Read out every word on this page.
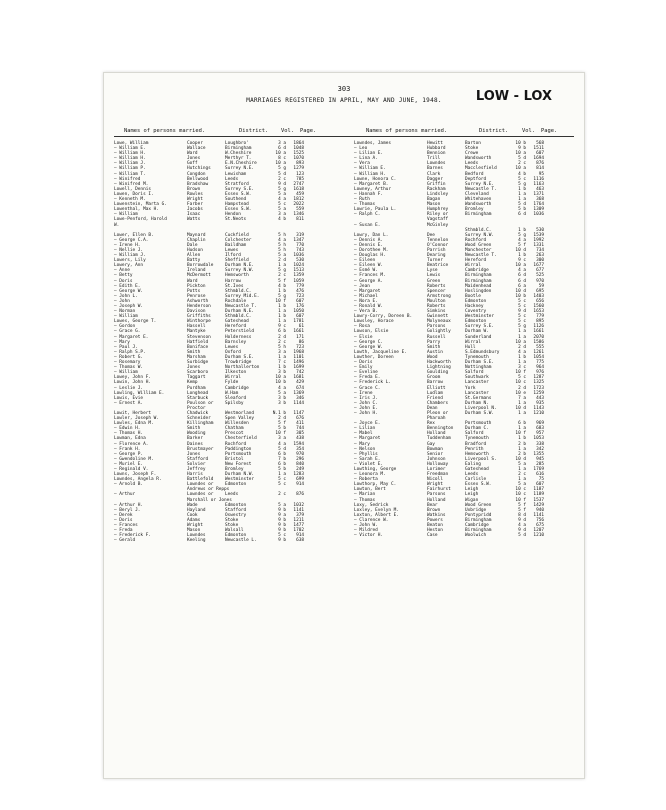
303
MARRIAGES REGISTERED IN APRIL, MAY AND JUNE, 1948.	LOW - LOX
Names of persons married.	District. Vol. Page.	Names of persons married.	District.	Vol. Page.
Lowe, William	Cooper	Loughbro'	3 a 1864
— William E.	Wallace	Birmingham	6 d 1048
— William H.	Ward	W.Cheshire	10 a 1525
— William H.	Jones	Merthyr T.	8 c 1070
— William J.	Goff	E.N.Cheshire	10 a 893
— William P.	Hutchings	Surrey N.E.	5 g 1279
— William T.	Congdon	Lewisham	5 d 123
— Winifred	Bellwood	Leeds	2 c 785
— Winifred M.	Bradshaw	Stratford	9 d 2747
Lowell, Dennis	Brown	Surrey S.E.	5 g 1618
Lowen, Doris I.	Rowles	Essex S.W.	5 a 459
— Kenneth M.	Wright	Southend	4 a 1812
Lowenstein, Marta G.	Farber	Hampstead	5 c 2022
Lowenthal, Max H.	Jacobs	Essex S.W.	5 a 559
— William	Isaac	Hendon	3 a 1346
Lowe-Penford, Harold	Watts	St.Neots	4 b 811
W.
Lower, Ellen B.	Maynard	Cuckfield	5 h 319
— George C.A.	Chaplin	Colchester	4 a 1347
— Irene H.	Dale	Baildham	5 h 770
— Nellie J.	Hudson	Lewes	5 h 743
— William J.	Allen	Ilford	5 a 1036
Lowers, Lily	Batty	Sheffield	2 d 530
Lowery, Ann	Borrowdale	Durham N.E.	1 a 1024
— Anne	Ireland	Surrey N.W.	5 g 1513
— Betty	McDermott	Hemsworth	2 c 1359
— Doris	Ward	Harrow	5 f 1059
— Edith E.	Pickton	St.Ives	4 b 779
— George W.	Potts	Sthmbld.C.	1 b 476
— John L.	Penrose	Surrey Mid.E.	5 g 723
— John	Ashworth	Rochdale	10 f 607
— Joseph W.	Henderson	Newcastle T.	1 b 176
— Norman	Davison	Durham N.E.	1 a 1050
— William	Griffiths	Sthmbld.C.	1 b 607
Lowes, George T.	Winthorpe	Gateshead	1 a 1781
— Gordon	Hassell	Hereford	9 c	61
— Grace G.	Mantyke	Peterstield	6 b 1661
— Margaret E.	Stevenson	Holderness	2 d 171
— Mary	Hatfield	Barnsley	2 c	86
— Paul J.	Boniface	Lewes	5 h 723
— Ralph S.P.	Smith	Oxford	3 a 1968
— Robert G.	Marsham	Durham S.E.	1 a 1101
— Rosemary	Surbidge	Trowbridge	7 c 1496
— Thomas W.	Jones	Northallerton	1 b 1699
— William	Scarboro	Ilkeston	3 b 742
Lowey, John F.	Taggart	Wirral	10 a 1681
Lowin, John H.	Kemp	Fylde	10 b 429
— Leslie J.	Purdham	Cambridge	4 a 674
Lowling, William E.	Longhead	W.Ham	5 a 1369
Lowis, Evie	Starbuck	Sleaford	3 b 346
— Ernest A.	Poulson or	Spilsby	3 b 1144
Proctor
Lowit, Herbert	Chadwick	Westmorland	N.1 b 1147
Lowler, Joseph W.	Schneider	Spen Valley	2 d 676
Lowles, Edna M.	Killingham	Willesden	5 f 411
— Edwin H.	Smith	Chatham	5 b 744
— Thomas H.	Wooding	Prescot	10 f 305
Lowman, Edna	Barker	Chesterfield	3 a 438
— Florence A.	Daines	Rochford	4 a 1594
— Frank H.	Brustmayer	Paddington	5 d 354
— George P.	Jones	Portsmouth	6 b 970
— Gwendoline M.	Stafford	Bristol	7 b 296
— Muriel E.	Solvier	New Forest	6 b 840
— Reginald V.	Jeffrey	Bromley	5 b 249
Lowns, Joseph F.	Harris	Durham N.W.	1 a 1283
Lowndes, Angela R.	Battlefold	Westminster	5 c 699
— Arnold B.	Lowndes or	Edmonton	5 c 914
Andrews or Repps
— Arthur	Lowndes or	Leeds	2 c 876
Marshall or Jones
— Arthur H.	Wade	Edmonton	5 a 1032
— Beryl J.	Hayland	Stafford	9 b 1141
— Derek	Cook	Oswestry	9 a 379
— Doris	Adams	Stoke	9 b 1211
— Frances	Wright	Stoke	9 b 1477
— Freda	Mason	Walsall	9 b 1702
— Frederick F.	Lowndes	Edmonton	5 c 914
— Gerald	Keeling	Newcastle L.	9 b 638
Lowndes, James	Hewitt	Barton	10 b 568
— Leo	Hubbard	Stoke	9 b 1511
— Lilian E.	Bennion	Crewe	10 a 607
— Lina A.	Trill	Wandsworth	5 d 1694
— Vera	Lowndes	Leeds	2 c 876
— William E.	Barnes	Macclesfield	10 a 814
— William H.	Clark	Bedford	4 b	95
Lowne, Honora C.	Dagger	Deptford	5 c 1116
— Margaret B.	Griffin	Surrey N.E.	5 g 1163
Lowney, Arthur	Rackham	Newcastle T.	1 b 463
— Hannah F.	Lindsley	Cleveland	1 a 1371
— Ruth	Bagan	Whitehaven	1 a 368
— Thomas	Mason	Wandsworth	5 d 1764
Lowrie, Paula L.	Humphrey	Bromley	5 b 1309
— Ralph C.	Riley or	Birmingham	6 d 1036
Vagstaff
— Susan E.	McGinley
Sthmbld.C.	1 b 530
Lowry, Dan L.	Dee	Surrey N.W.	5 g 1539
— Dennis A.	Tennelon	Rochford	4 a 1992
— Dennis E.	O'Connor	Wood Green	5 f 1331
— Dorothee M.	Parrish	Manchester	10 d 734
— Douglas H.	Dearing	Newcastle T.	1 b 263
— Eileen	Turner	Hereford	9 c 300
— Eileen W.	Beatrice	Wirral	10 a 1677
— Esmé W.	Lyse	Cambridge	4 a 677
— Frances M.	Lewis	Birmingham	6 d 525
— George A.	Green	Birmingham	6 d 970
— Jean	Roberts	Maidenhead	6 a	59
— Margaret	Spencer	Hoslingden	10 d 695
— Michael	Armstrong	Bootle	10 b 1403
— Nora E.	Moulton	Edmonton	5 c 656
— Ronald W.	Roberts	Hackney	5 c 1560
— Vera B.	Simkins	Coventry	9 d 1653
Lowry-Corry, Doreen B.	Gwinnett	Westminster	5 c 779
Lowsley, Horace	Molyneaux	Edmonton	5 c 895
— Rosa	Parsons	Surrey S.E.	5 g 1126
Lowson, Elsie	Golightly	Durham W.	1 a 1661
— Elsie	Russell	Sunderland	1 a 2070
— George C.	Parry	Wirral	10 a 1586
— George W.	Smith	Hull	2 d 555
Lowth, Jacqueline E.	Austin	S.Edmundsbury	4 a 1261
Lowther, Doreen	Wood	Tynemouth	1 b 1054
— Doris	Hackworth	Durham S.E.	1 a 775
— Emily	Lightning	Nottingham	3 c 964
— Eveline	Goulding	Salford	10 f 976
— Freda E.	Groom	Southwark	5 c 1287
— Frederick L.	Barrow	Lancaster	10 c 1325
— Grace C.	Elliott	York	2 d 1723
— Irene	Ludlam	Lancaster	10 e 1259
— Iris J.	Friend	St.Germans	7 a 443
— John C.	Chambers	Durham N.	1 a 935
— John E.	Dean	Liverpool N.	10 d 1143
— John H.	Pleon or	Durham S.W.	1 a 1210
Pharoah
— Joyce E.	Rex	Portsmouth	6 b 969
— Lilian	Bennington	Durham C.	1 a 683
— Mabel	Holland	Salford	10 f 957
— Margaret	Tuddenham	Tynemouth	1 b 1053
— Mary	Gay	Bradford	2 b 338
— Nelson	Bowman	Penrith	1 a 342
— Phyllis	Senior	Hemsworth	2 b 1355
— Sarah E.	Johnson	Liverpool S.	10 d 945
— Violet E.	Holloway	Ealing	5 a 285
Lowthing, George	Lorimer	Gateshead	1 a 1769
— Leonora M.	Freedman	Leeds	2 c 616
— Roberta	Nicoll	Carlisle	1 a	75
Lowthorp, May C.	Wright	Essex S.W.	5 a 607
Lowton, Bert	Fairhurst	Leigh	10 c 1187
— Marian	Parsons	Leigh	10 c 1189
— Thomas	Holland	Wigan	10 f 1537
Loxy, Sedrick	Bear	Wood Green	5 f 1429
Loxley, Evelyn M.	Brown	Uxbridge	5 f 940
Loxton, Albert E.	Watkins	Pontypridd	8 d 1141
— Clarence W.	Powers	Birmingham	9 d 756
— John W.	Beaton	Cambridge	4 a 675
— Mildred	Heston	Birmingham	9 d 1207
— Victor H.	Case	Woolwich	5 d 1210
